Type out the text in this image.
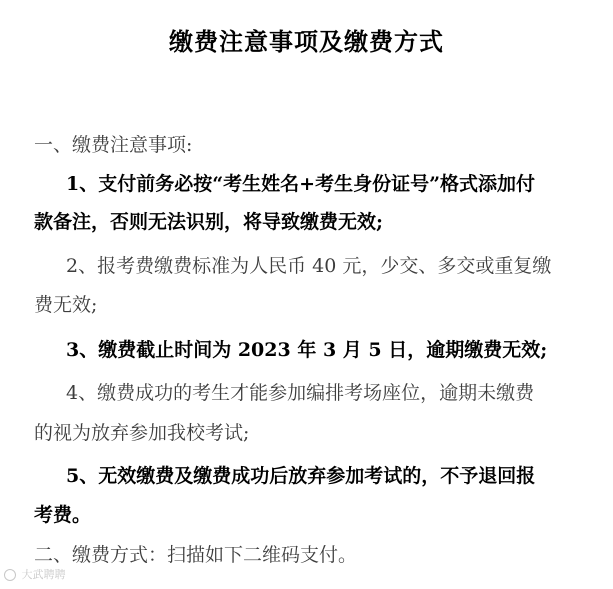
缴费注意事项及缴费方式
一、缴费注意事项:
1、支付前务必按“考生姓名+考生身份证号”格式添加付
款备注，否则无法识别，将导致缴费无效;
2、报考费缴费标准为人民币 40 元，少交、多交或重复缴
费无效;
3、缴费截止时间为 2023 年 3 月 5 日，逾期缴费无效;
4、缴费成功的考生才能参加编排考场座位，逾期未缴费
的视为放弃参加我校考试;
5、无效缴费及缴费成功后放弃参加考试的，不予退回报
考费。
二、缴费方式：扫描如下二维码支付。
大武聘聘
